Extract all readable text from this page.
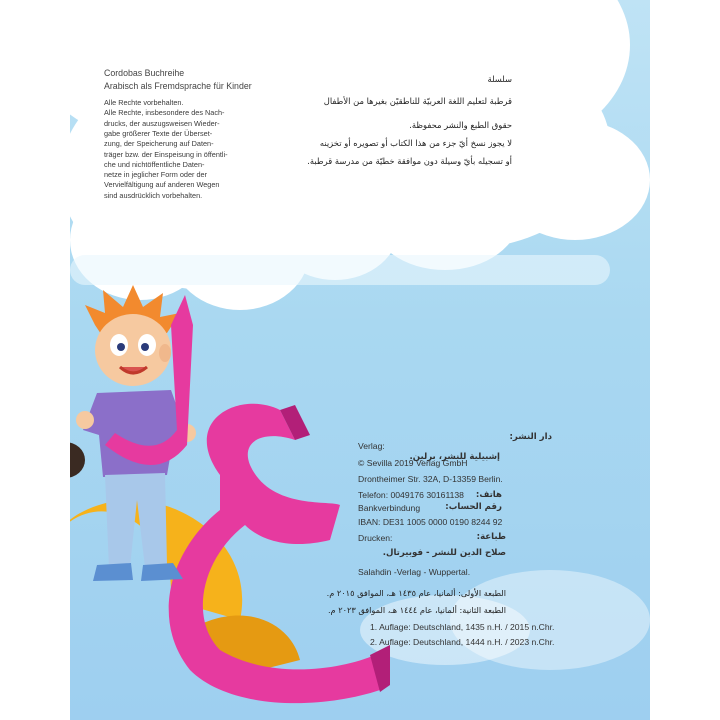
Cordobas Buchreihe
Arabisch als Fremdsprache für Kinder
Alle Rechte vorbehalten.
Alle Rechte, insbesondere des Nach-
drucks, der auszugsweisen Wieder-
gabe größerer Texte der Überset-
zung, der Speicherung auf Daten-
träger bzw. der Einspeisung in öffentli-
che und nichtöffentliche Daten-
netze in jeglicher Form oder der
Vervielfältigung auf anderen Wegen
sind ausdrücklich vorbehalten.
سلسلة
قرطبة لتعليم اللغة العربيّة للناطقيْن بغيرها من الأطفال
حقوق الطبع والنشر محفوظة.
لا يجوز نسخ أيّ جزء من هذا الكتاب أو تصويره أو تخزينه
أو تسجيله بأيّ وسيلة دون موافقة خطيّة من مدرسة قرطبة.
Verlag:
دار النشر:
© Sevilla 2019 Verlag GmbH
إشبيلية للنشر، برلين.
Drontheimer Str. 32A, D-13359 Berlin.
Telefon: 0049176 30161138 هاتف:
Bankverbindung	رقم الحساب:
IBAN: DE31 1005 0000 0190 8244 92
Drucken:	طباعة:
صلاح الدين للنشر - فوبيرتال.
Salahdin -Verlag - Wuppertal.
الطبعة الأولى: ألمانيا، عام ١٤٣٥ هـ، الموافق ٢٠١٥ م.
الطبعة الثانية: ألمانيا، عام ١٤٤٤ هـ، الموافق ٢٠٢٣ م.
1. Auflage: Deutschland, 1435 n.H. / 2015 n.Chr.
2. Auflage: Deutschland, 1444 n.H. / 2023 n.Chr.
